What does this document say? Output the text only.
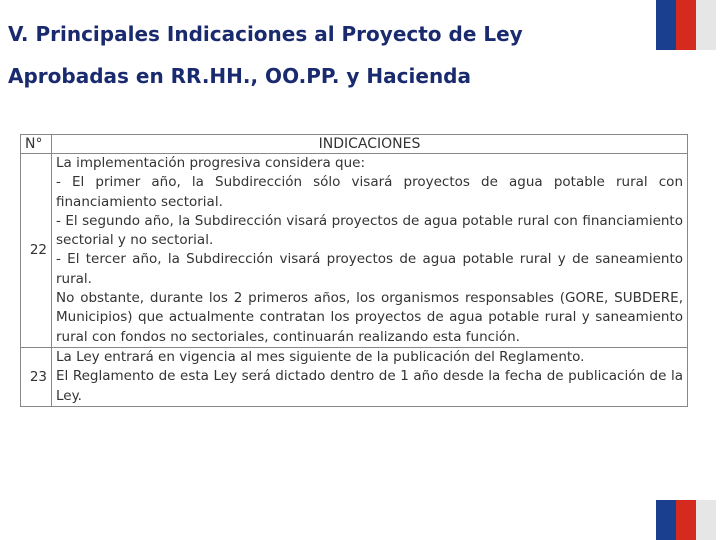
V. Principales Indicaciones al Proyecto de Ley
Aprobadas en RR.HH., OO.PP. y Hacienda
N°	INDICACIONES
22	La implementación progresiva considera que:
- El primer año, la Subdirección sólo visará proyectos de agua potable rural con financiamiento sectorial.
- El segundo año, la Subdirección visará proyectos de agua potable rural con financiamiento sectorial y no sectorial.
- El tercer año, la Subdirección visará proyectos de agua potable rural y de saneamiento rural.
No obstante, durante los 2 primeros años, los organismos responsables (GORE, SUBDERE, Municipios) que actualmente contratan los proyectos de agua potable rural y saneamiento rural con fondos no sectoriales, continuarán realizando esta función.

23	La Ley entrará en vigencia al mes siguiente de la publicación del Reglamento.
El Reglamento de esta Ley será dictado dentro de 1 año desde la fecha de publicación de la Ley.
